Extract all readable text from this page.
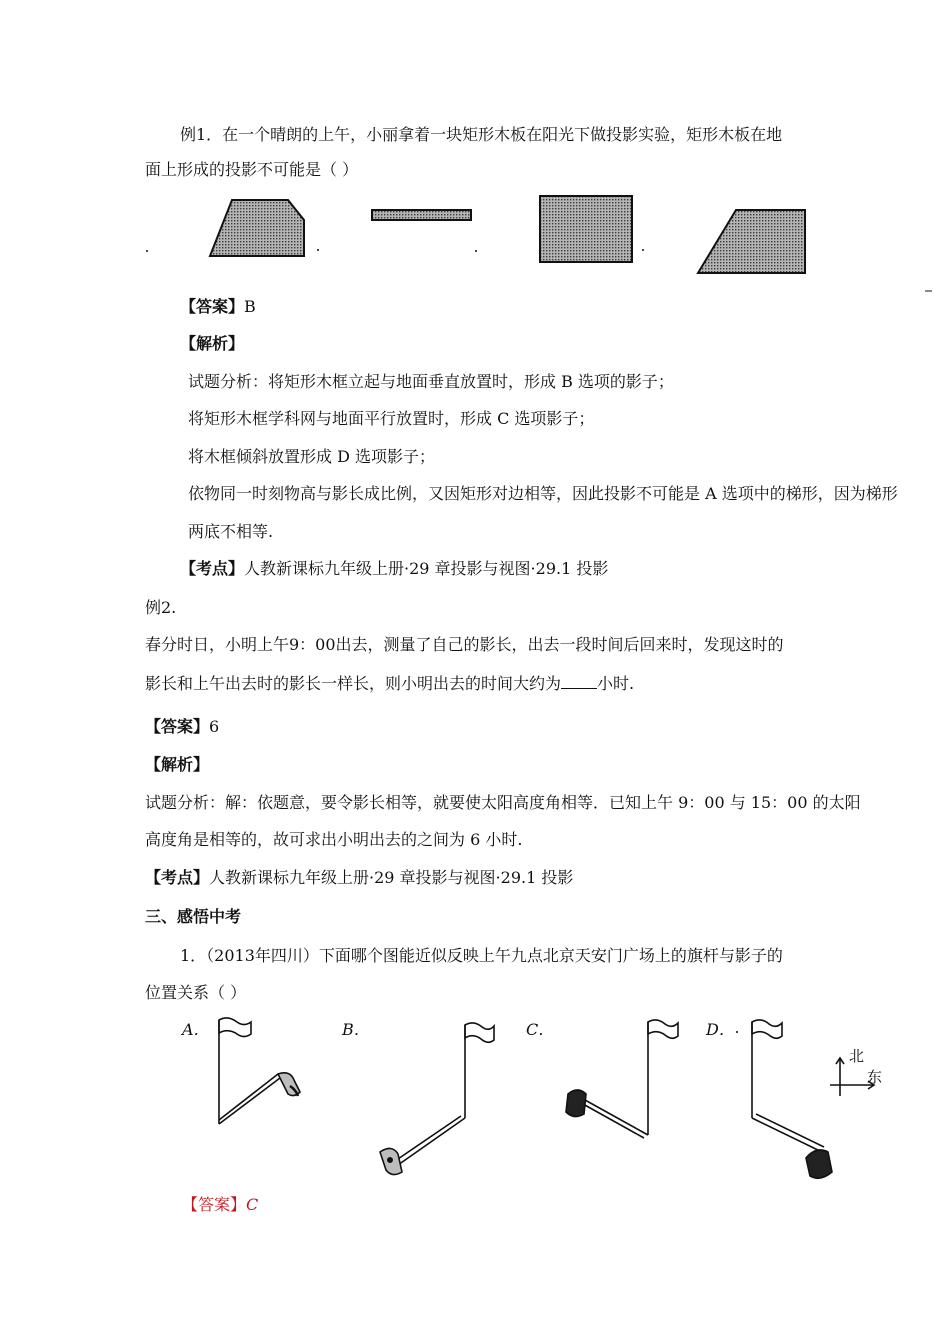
例1．在一个晴朗的上午，小丽拿着一块矩形木板在阳光下做投影实验，矩形木板在地
面上形成的投影不可能是（ ）
【答案】B
【解析】
试题分析：将矩形木框立起与地面垂直放置时，形成 B 选项的影子；
将矩形木框学科网与地面平行放置时，形成 C 选项影子；
将木框倾斜放置形成 D 选项影子；
依物同一时刻物高与影长成比例，又因矩形对边相等，因此投影不可能是 A 选项中的梯形，因为梯形
两底不相等.
【考点】人教新课标九年级上册·29 章投影与视图·29.1 投影
例2.
春分时日，小明上午9：00出去，测量了自己的影长，出去一段时间后回来时，发现这时的
影长和上午出去时的影长一样长，则小明出去的时间大约为 小时.
【答案】6
【解析】
试题分析：解：依题意，要令影长相等，就要使太阳高度角相等．已知上午 9：00 与 15：00 的太阳
高度角是相等的，故可求出小明出去的之间为 6 小时.
【考点】人教新课标九年级上册·29 章投影与视图·29.1 投影
三、感悟中考
1．（2013年四川）下面哪个图能近似反映上午九点北京天安门广场上的旗杆与影子的
位置关系（ ）
A．	B．	C．	D．
北
东
【答案】C
